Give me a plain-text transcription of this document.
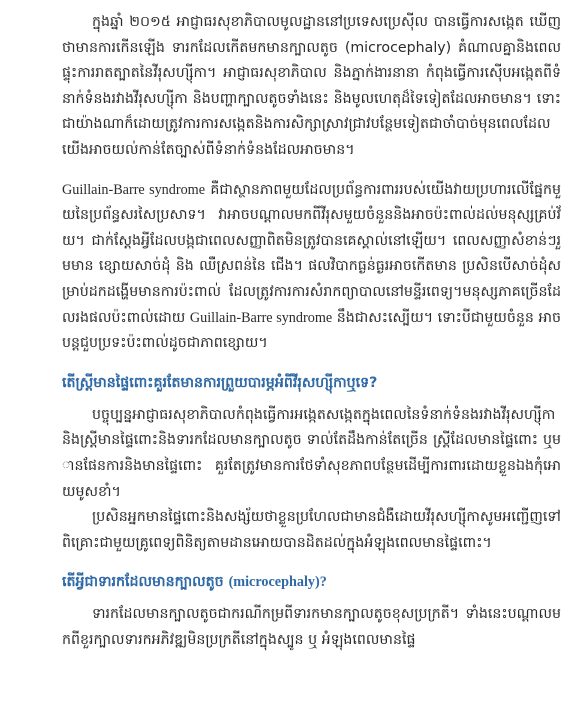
ក្នុងឆ្នាំ ២០១៥ អាជ្ញាធរសុខាភិបាលមូលដ្ឋាននៅប្រទេសប្រេស៊ីល បានធ្វើការសង្កេត ឃើញថាមានការកើនឡើង ទារកដែលកើតមកមានក្បាលតូច (microcephaly) គំណាលគ្នានិងពេលផ្ទុះការរាតត្បាតនៃវីរុសហ្ស៊ីកា។ អាជ្ញាធរសុខាភិបាល និងភ្នាក់ងារនានា កំពុងធ្វើការស៊ើបអង្កេតពីទំនាក់ទំនងរវាងវីរុសហ្ស៊ីកា និងបញ្ហាក្បាលតូចទាំងនេះ និងមូលហេតុដ៏ទៃទៀតដែលអាចមាន។ ទោះជាយ៉ាងណាក៏ដោយត្រូវការការសង្កេតនិងការសិក្សាស្រាវជ្រាវបន្ថែមទៀតជាចាំបាច់មុនពេលដែលយើងអាចយល់កាន់តែច្បាស់ពីទំនាក់ទំនងដែលអាចមាន។

Guillain-Barre syndrome គឺជាស្ថានភាពមួយដែលប្រព័ន្ធការពាររបស់យើងវាយប្រហារលើផ្នែកមួយនៃប្រព័ន្ធសរសៃប្រសាទ។ វាអាចបណ្តាលមកពីវីរុសមួយចំនួននិងអាចប៉ះពាល់ដល់មនុស្សគ្រប់វ័យ។ ជាក់ស្តែងអ្វីដែលបង្កជាពេលសញ្ញាពិតមិនត្រូវបានគេស្គាល់នៅឡើយ។ ពេលសញ្ញាសំខាន់ៗរួមមាន ខ្សោយសាច់ដុំ និង ឈឺស្រពន់នៃ ជើង។ ផលវិបាកធ្ងន់ធ្ងរអាចកើតមាន ប្រសិនបើសាច់ដុំសម្រាប់ដកដង្ហើមមានការប៉ះពាល់ ដែលត្រូវការការសំរាកព្យាបាលនៅមន្ទីរពេទ្យ។មនុស្សភាគច្រើនដែលរងផលប៉ះពាល់ដោយ Guillain-Barre syndrome នឹងជាសះស្បើយ។ ទោះបីជាមួយចំនួន អាចបន្តជួបប្រទះប៉ះពាល់ដូចជាភាពខ្សោយ។

តើស្ត្រីមានផ្ទៃពោះគួរតែមានការព្រួយបារម្ភអំពីវីរុសហ្ស៊ីកាឬទេ?

បច្ចុប្បន្នអាជ្ញាធរសុខាភិបាលកំពុងធ្វើការអង្កេតសង្កេតក្នុងពេលនៃទំនាក់ទំនងរវាងវីរុសហ្ស៊ីកានិងស្ត្រីមានផ្ទៃពោះនិងទារកដែលមានក្បាលតូច ទាល់តែដឹងកាន់តែច្រើន ស្ត្រីដែលមានផ្ទៃពោះ ឬមានផែនការនិងមានផ្ទៃពោះ គួរតែត្រូវមានការថែទាំសុខភាពបន្ថែមដើម្បីការពារដោយខ្លួនឯងកុំអោយមូសខាំ។

ប្រសិនអ្នកមានផ្ទៃពោះនិងសង្ស័យថាខ្លួនប្រហែលជាមានជំងឺដោយវីរុសហ្ស៊ីកាសូមអញ្ជើញទៅពិគ្រោះជាមួយគ្រូពេទ្យពិនិត្យតាមដានអោយបានដិតដល់ក្នុងអំឡុងពេលមានផ្ទៃពោះ។

តើអ្វីជាទារកដែលមានក្បាលតូច (microcephaly)?

ទារកដែលមានក្បាលតូចជាករណីកម្រពីទារកមានក្បាលតូចខុសប្រក្រតី។ ទាំងនេះបណ្តាលមកពីខួរក្បាលទារកអភិវឌ្ឍមិនប្រក្រតីនៅក្នុងស្បូន ឬ អំឡុងពេលមានផ្ទៃ
